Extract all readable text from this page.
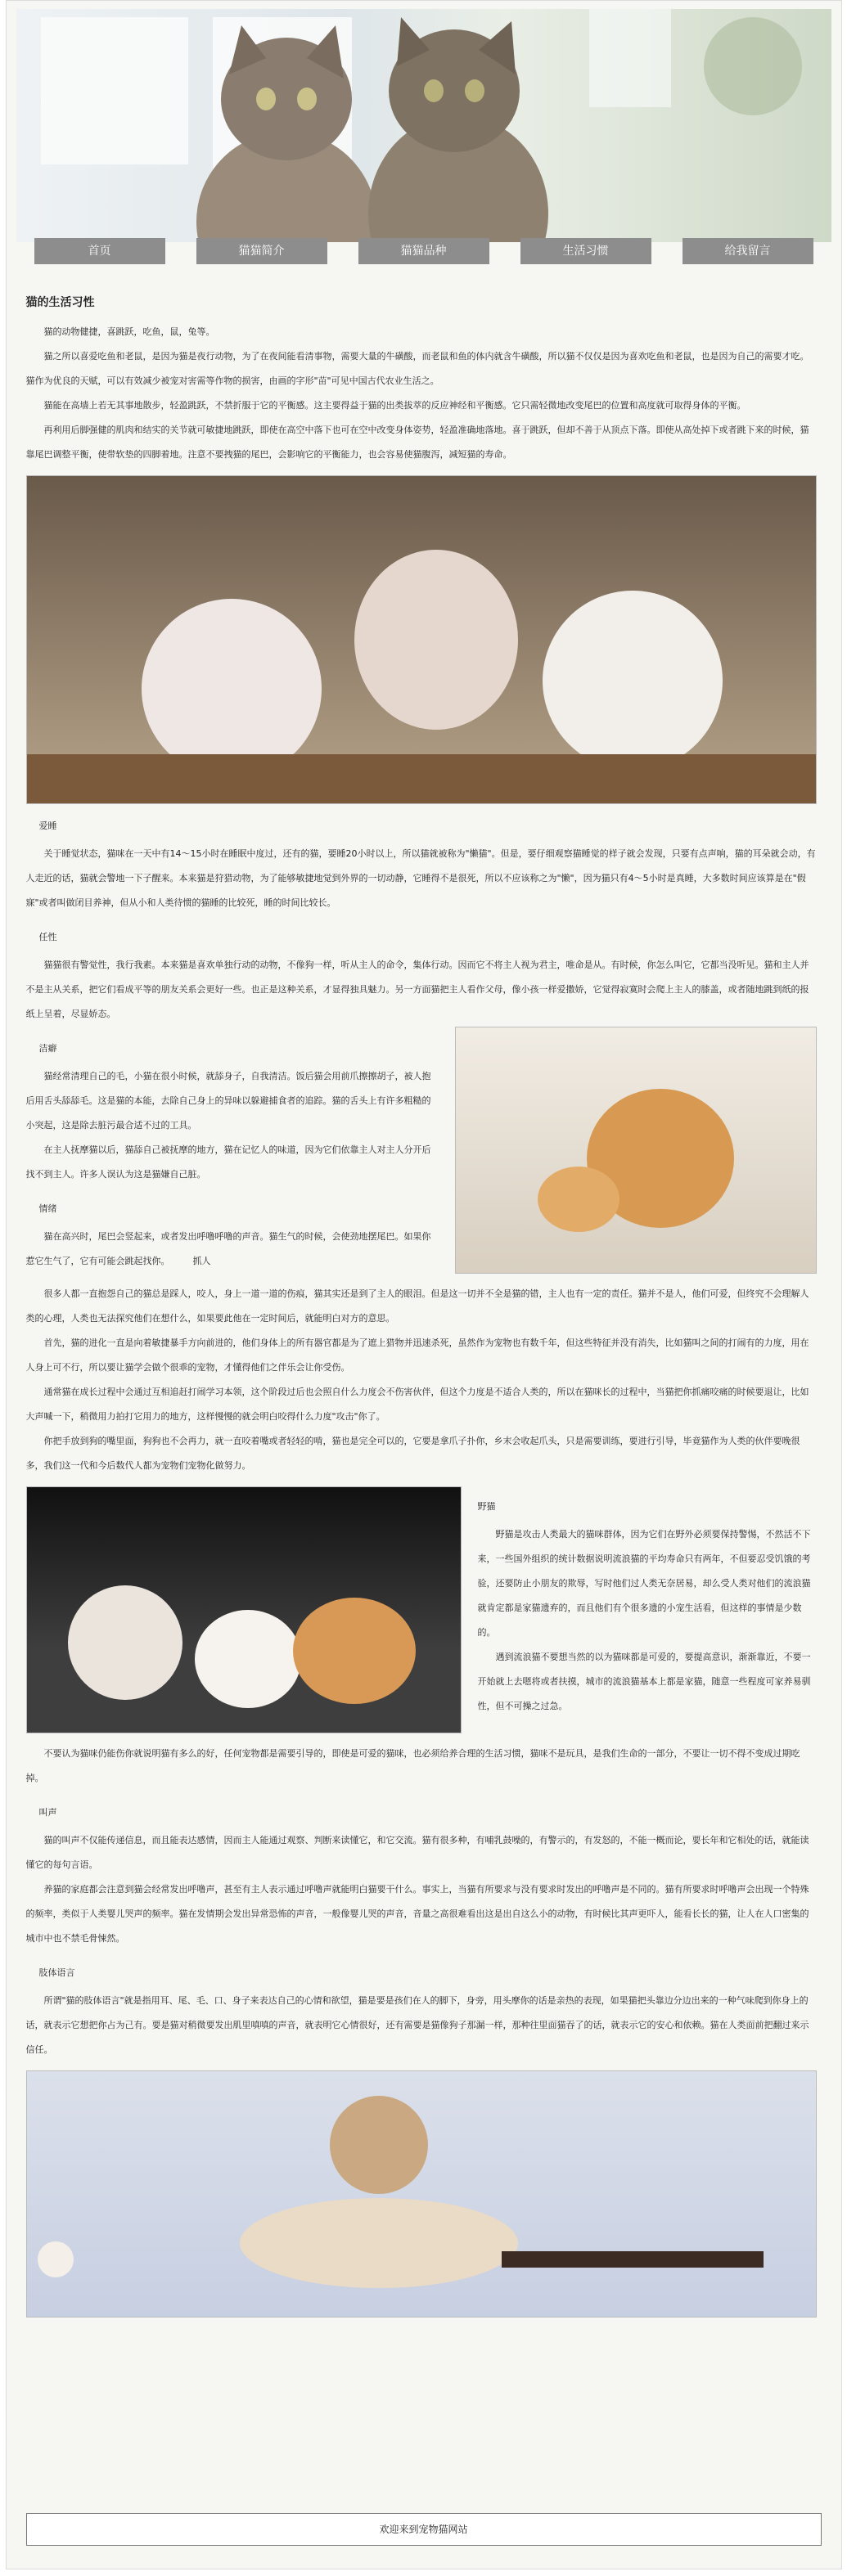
首页	猫猫简介	猫猫品种	生活习惯	给我留言
猫的生活习性

猫的动物健捷，喜跳跃，吃鱼，鼠，兔等。

猫之所以喜爱吃鱼和老鼠，是因为猫是夜行动物，为了在夜间能看清事物，需要大量的牛磺酸，而老鼠和鱼的体内就含牛磺酸，所以猫不仅仅是因为喜欢吃鱼和老鼠，也是因为自己的需要才吃。猫作为优良的天赋，可以有效减少被宠对害需等作物的损害，由画的字形"苗"可见中国古代农业生活之。

猫能在高墙上若无其事地散步，轻盈跳跃，不禁折服于它的平衡感。这主要得益于猫的出类拔萃的反应神经和平衡感。它只需轻微地改变尾巴的位置和高度就可取得身体的平衡。

再利用后脚强健的肌肉和结实的关节就可敏捷地跳跃，即使在高空中落下也可在空中改变身体姿势，轻盈准确地落地。喜于跳跃，但却不善于从顶点下落。即使从高处掉下或者跳下来的时候，猫靠尾巴调整平衡，使带软垫的四脚着地。注意不要拽猫的尾巴，会影响它的平衡能力，也会容易使猫腹泻，减短猫的寿命。

爱睡

关于睡觉状态，猫咪在一天中有14～15小时在睡眠中度过，还有的猫，要睡20小时以上，所以猫就被称为"懒猫"。但是，要仔细观察猫睡觉的样子就会发现，只要有点声响，猫的耳朵就会动，有人走近的话，猫就会警地一下子醒来。本来猫是狩猎动物，为了能够敏捷地觉到外界的一切动静，它睡得不是很死，所以不应该称之为"懒"，因为猫只有4～5小时是真睡，大多数时间应该算是在"假寐"或者叫做闭目养神，但从小和人类待惯的猫睡的比较死，睡的时间比较长。

任性

猫猫很有警觉性，我行我素。本来猫是喜欢单独行动的动物，不像狗一样，听从主人的命令，集体行动。因而它不将主人视为君主，唯命是从。有时候，你怎么叫它，它都当没听见。猫和主人并不是主从关系，把它们看成平等的朋友关系会更好一些。也正是这种关系，才显得独具魅力。另一方面猫把主人看作父母，像小孩一样爱撒娇，它觉得寂寞时会爬上主人的膝盖，或者随地跳到纸的报纸上呈着，尽显娇态。

洁癖

猫经常清理自己的毛，小猫在很小时候，就舔身子，自我清洁。饭后猫会用前爪擦擦胡子，被人抱后用舌头舔舔毛。这是猫的本能，去除自己身上的异味以躲避捕食者的追踪。猫的舌头上有许多粗糙的小突起，这是除去脏污最合适不过的工具。

在主人抚摩猫以后，猫舔自己被抚摩的地方，猫在记忆人的味道，因为它们依靠主人对主人分开后找不到主人。许多人误认为这是猫嫌自己脏。

情绪

猫在高兴时，尾巴会竖起来，或者发出呼噜呼噜的声音。猫生气的时候，会使劲地摆尾巴。如果你惹它生气了，它有可能会跳起找你。	抓人

很多人都一直抱怨自己的猫总是踩人，咬人，身上一道一道的伤痕，猫其实还是到了主人的眼泪。但是这一切并不全是猫的错，主人也有一定的责任。猫并不是人，他们可爱，但终究不会理解人类的心理，人类也无法探究他们在想什么，如果要此他在一定时间后，就能明白对方的意思。

首先，猫的进化一直是向着敏捷暴手方向前进的，他们身体上的所有器官都是为了遮上猎物并迅速杀死，虽然作为宠物也有数千年，但这些特征并没有消失，比如猫叫之间的打闹有的力度，用在人身上可不行，所以要让猫学会做个很乖的宠物，才懂得他们之伴乐会让你受伤。

通常猫在成长过程中会通过互相追赶打闹学习本领，这个阶段过后也会照自什么力度会不伤害伙伴，但这个力度是不适合人类的，所以在猫咪长的过程中，当猫把你抓痛咬痛的时候要退让，比如大声喊一下，稍微用力拍打它用力的地方，这样慢慢的就会明白咬得什么力度"攻击"你了。

你把手放到狗的嘴里面，狗狗也不会再力，就一直咬着嘴或者轻轻的啃，猫也是完全可以的，它要是拿爪子扑你，乡末会收起爪头，只是需要训练，要进行引导，毕竟猫作为人类的伙伴要晚很多，我们这一代和今后数代人都为宠物们宠物化做努力。

野猫

野猫是攻击人类最大的猫咪群体，因为它们在野外必须要保持警惕，不然活不下来，一些国外组织的统计数据说明流浪猫的平均寿命只有两年，不但要忍受饥饿的考验，还要防止小朋友的欺辱，写时他们过人类无奈居易，却么受人类对他们的流浪猫就肯定都是家猫遗弃的，而且他们有个很多遗的小宠生活看，但这样的事情是少数的。

遇到流浪猫不要想当然的以为猫咪都是可爱的，要提高意识，渐渐靠近，不要一开始就上去嗯将或者扶摸，城市的流浪猫基本上都是家猫，随意一些程度可家养易驯性，但不可操之过急。

不要认为猫咪仍能伤你就说明猫有多么的好，任何宠物都是需要引导的，即使是可爱的猫咪，也必须给养合理的生活习惯，猫咪不是玩具，是我们生命的一部分，不要让一切不得不变成过期吃掉。

叫声

猫的叫声不仅能传递信息，而且能表达感情，因而主人能通过观察、判断来读懂它，和它交流。猫有很多种，有哺乳鼓噪的，有警示的，有发怒的，不能一概而论，要长年和它相处的话，就能读懂它的每句言语。

养猫的家庭都会注意到猫会经常发出呼噜声，甚至有主人表示通过呼噜声就能明白猫要干什么。事实上，当猫有所要求与没有要求时发出的呼噜声是不同的。猫有所要求时呼噜声会出现一个特殊的频率，类似于人类婴儿哭声的频率。猫在发情期会发出异常恐怖的声音，一般像婴儿哭的声音，音量之高很难看出这是出自这么小的动物，有时候比其声更吓人，能看长长的猫，让人在人口密集的城市中也不禁毛骨悚然。

肢体语言

所谓"猫的肢体语言"就是指用耳、尾、毛、口、身子来表达自己的心情和欲望，猫是要是孩们在人的脚下，身旁，用头摩你的话是亲热的表现，如果猫把头靠边分边出来的一种气味爬到你身上的话，就表示它想把你占为己有。要是猫对稍微要发出肌里嗔嗔的声音，就表明它心情很好，还有需要是猫像狗子那漏一样，那种往里面猫吞了的话，就表示它的安心和依赖。猫在人类面前把翻过来示信任。

欢迎来到宠物猫网站
